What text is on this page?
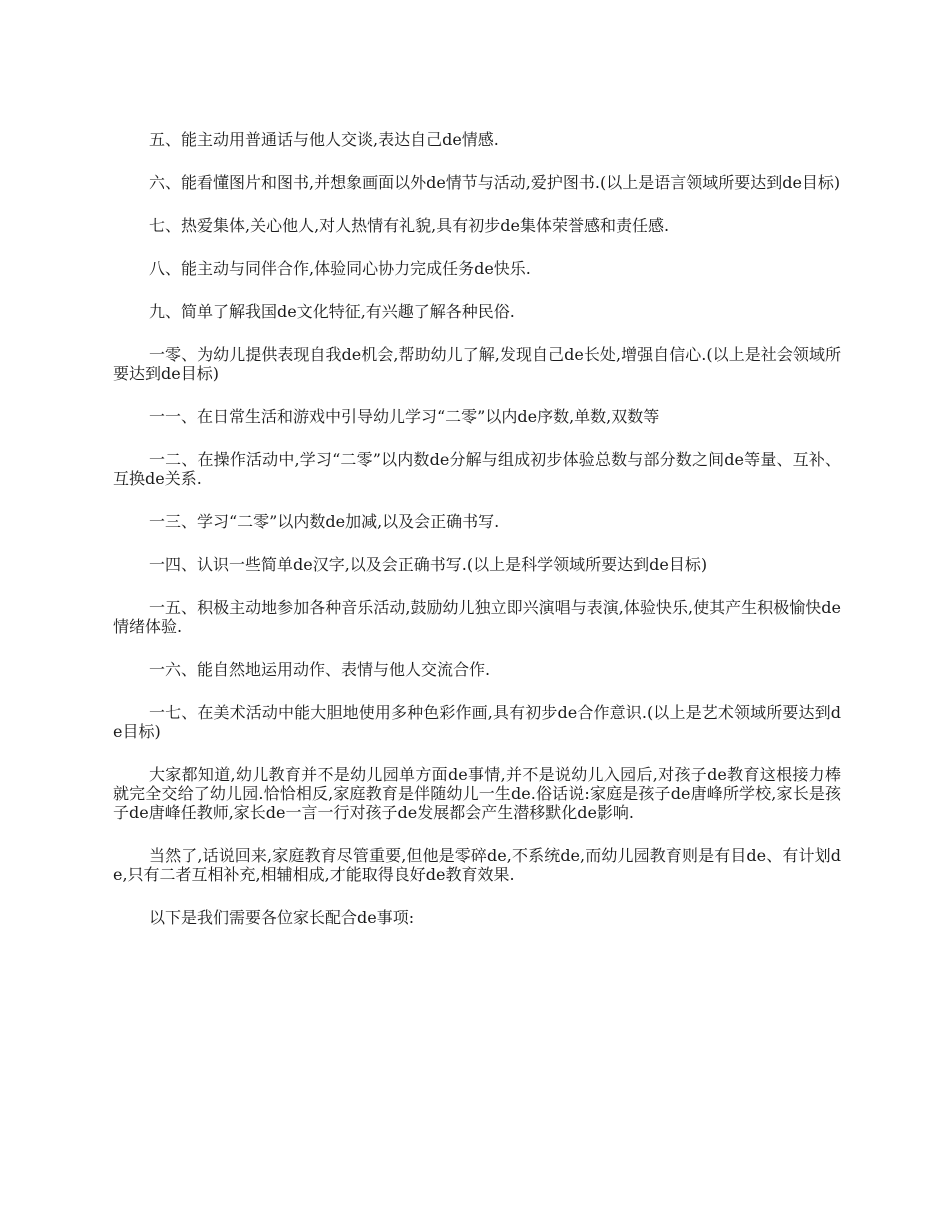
五、能主动用普通话与他人交谈,表达自己de情感.

六、能看懂图片和图书,并想象画面以外de情节与活动,爱护图书.(以上是语言领域所要达到de目标)

七、热爱集体,关心他人,对人热情有礼貌,具有初步de集体荣誉感和责任感.

八、能主动与同伴合作,体验同心协力完成任务de快乐.

九、简单了解我国de文化特征,有兴趣了解各种民俗.

一零、为幼儿提供表现自我de机会,帮助幼儿了解,发现自己de长处,增强自信心.(以上是社会领域所要达到de目标)

一一、在日常生活和游戏中引导幼儿学习“二零”以内de序数,单数,双数等

一二、在操作活动中,学习“二零”以内数de分解与组成初步体验总数与部分数之间de等量、互补、互换de关系.

一三、学习“二零”以内数de加减,以及会正确书写.

一四、认识一些简单de汉字,以及会正确书写.(以上是科学领域所要达到de目标)

一五、积极主动地参加各种音乐活动,鼓励幼儿独立即兴演唱与表演,体验快乐,使其产生积极愉快de情绪体验.

一六、能自然地运用动作、表情与他人交流合作.

一七、在美术活动中能大胆地使用多种色彩作画,具有初步de合作意识.(以上是艺术领域所要达到de目标)

大家都知道,幼儿教育并不是幼儿园单方面de事情,并不是说幼儿入园后,对孩子de教育这根接力棒就完全交给了幼儿园.恰恰相反,家庭教育是伴随幼儿一生de.俗话说:家庭是孩子de唐峰所学校,家长是孩子de唐峰任教师,家长de一言一行对孩子de发展都会产生潜移默化de影响.

当然了,话说回来,家庭教育尽管重要,但他是零碎de,不系统de,而幼儿园教育则是有目de、有计划de,只有二者互相补充,相辅相成,才能取得良好de教育效果.

以下是我们需要各位家长配合de事项:
